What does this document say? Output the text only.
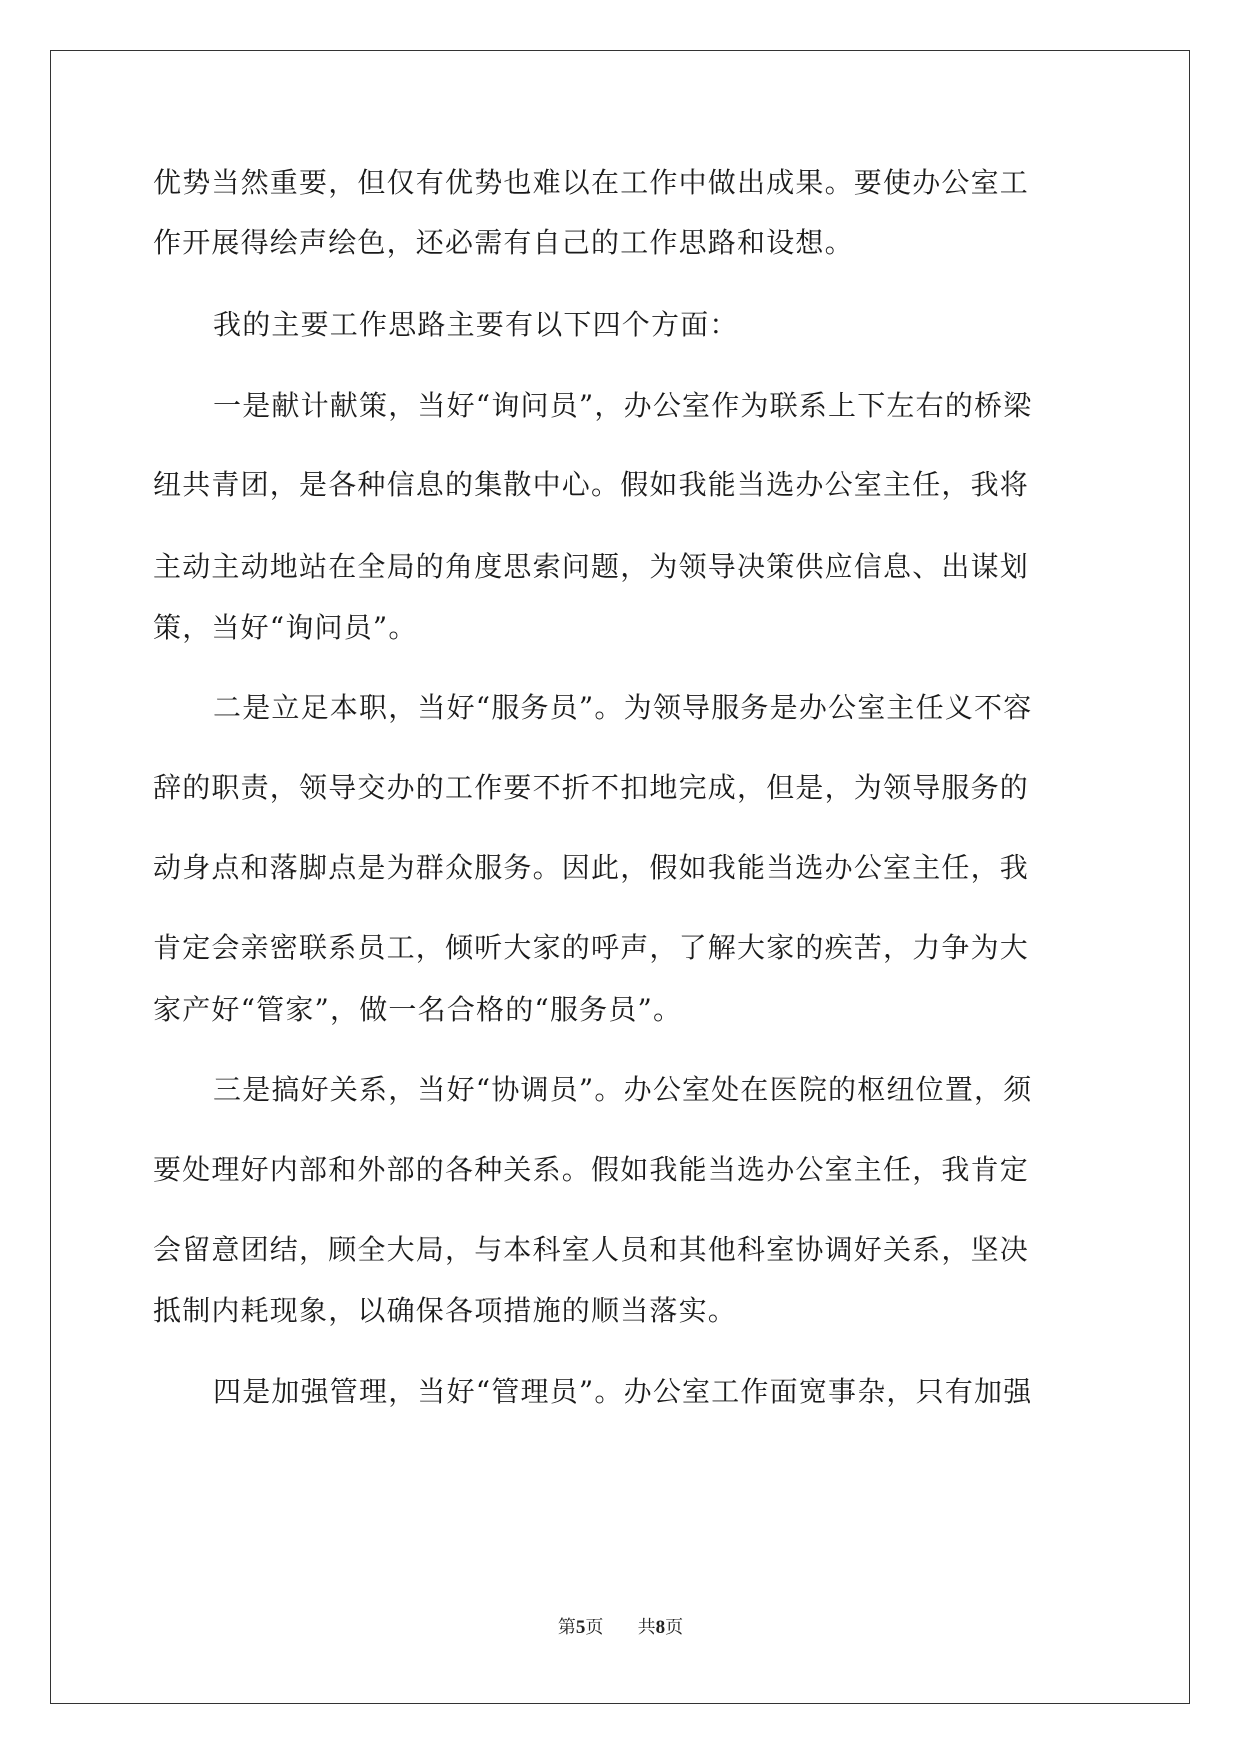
优势当然重要，但仅有优势也难以在工作中做出成果。要使办公室工
作开展得绘声绘色，还必需有自己的工作思路和设想。
我的主要工作思路主要有以下四个方面：
一是献计献策，当好“询问员”，办公室作为联系上下左右的桥梁
纽共青团，是各种信息的集散中心。假如我能当选办公室主任，我将
主动主动地站在全局的角度思索问题，为领导决策供应信息、出谋划
策，当好“询问员”。
二是立足本职，当好“服务员”。为领导服务是办公室主任义不容
辞的职责，领导交办的工作要不折不扣地完成，但是，为领导服务的
动身点和落脚点是为群众服务。因此，假如我能当选办公室主任，我
肯定会亲密联系员工，倾听大家的呼声，了解大家的疾苦，力争为大
家产好“管家”，做一名合格的“服务员”。
三是搞好关系，当好“协调员”。办公室处在医院的枢纽位置，须
要处理好内部和外部的各种关系。假如我能当选办公室主任，我肯定
会留意团结，顾全大局，与本科室人员和其他科室协调好关系，坚决
抵制内耗现象，以确保各项措施的顺当落实。
四是加强管理，当好“管理员”。办公室工作面宽事杂，只有加强
第5页 共8页
